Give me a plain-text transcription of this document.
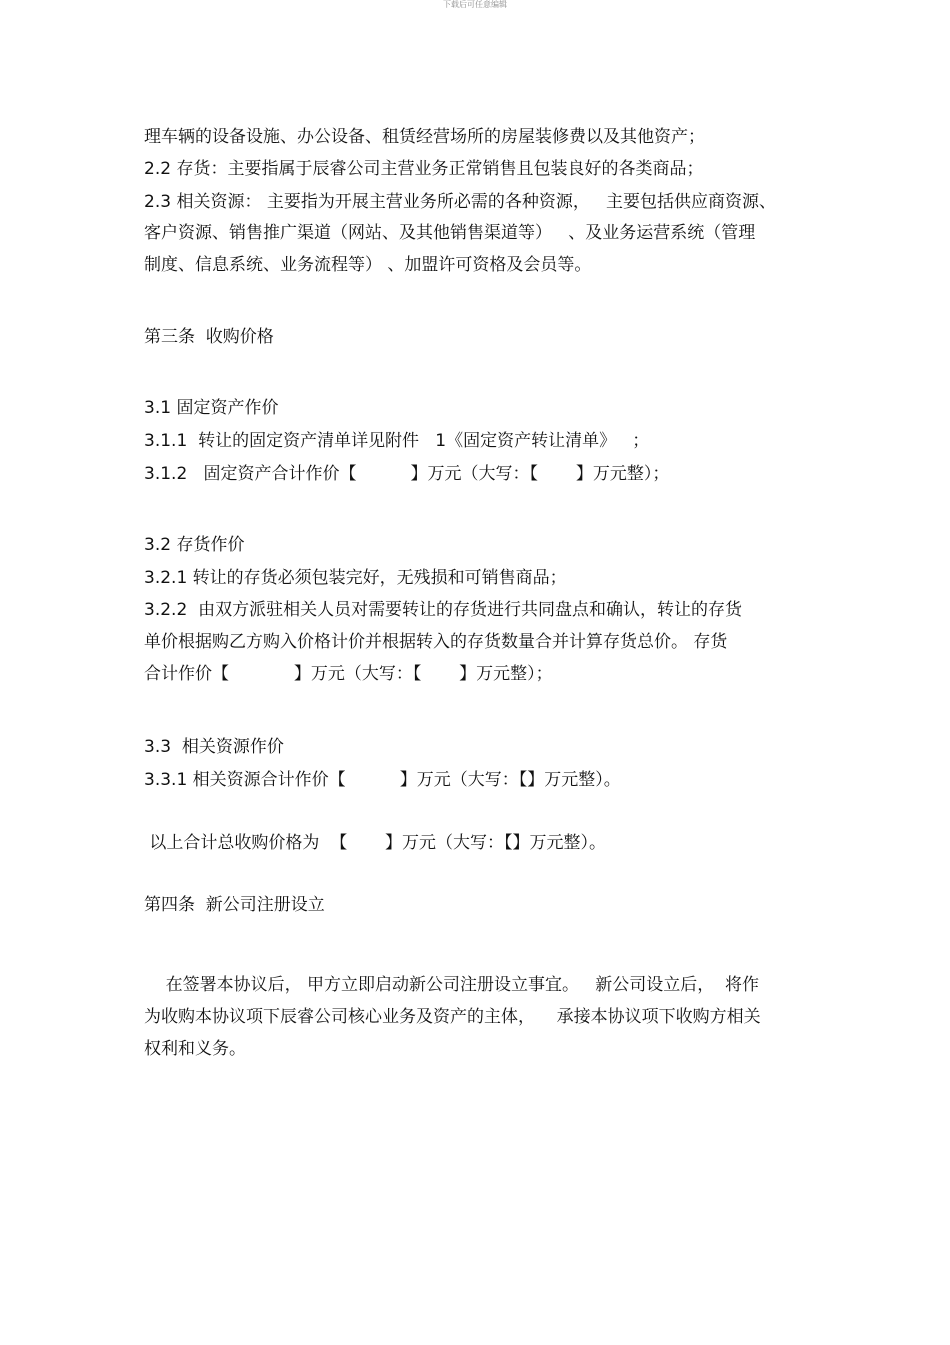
下载后可任意编辑
理车辆的设备设施、办公设备、租赁经营场所的房屋装修费以及其他资产；
2.2 存货：主要指属于辰睿公司主营业务正常销售且包装良好的各类商品；
2.3 相关资源： 主要指为开展主营业务所必需的各种资源，   主要包括供应商资源、
客户资源、销售推广渠道（网站、及其他销售渠道等）   、及业务运营系统（管理
制度、信息系统、业务流程等） 、加盟许可资格及会员等。
第三条  收购价格
3.1 固定资产作价
3.1.1  转让的固定资产清单详见附件   1《固定资产转让清单》   ；
3.1.2   固定资产合计作价【          】万元（大写：【       】万元整）；
3.2 存货作价
3.2.1 转让的存货必须包装完好，无残损和可销售商品；
3.2.2  由双方派驻相关人员对需要转让的存货进行共同盘点和确认，转让的存货
单价根据购乙方购入价格计价并根据转入的存货数量合并计算存货总价。 存货
合计作价【            】万元（大写：【       】万元整）；
3.3  相关资源作价
3.3.1 相关资源合计作价【          】万元（大写：【】万元整）。
以上合计总收购价格为  【       】万元（大写：【】万元整）。
第四条  新公司注册设立
在签署本协议后， 甲方立即启动新公司注册设立事宜。   新公司设立后，  将作
为收购本协议项下辰睿公司核心业务及资产的主体，    承接本协议项下收购方相关
权利和义务。
